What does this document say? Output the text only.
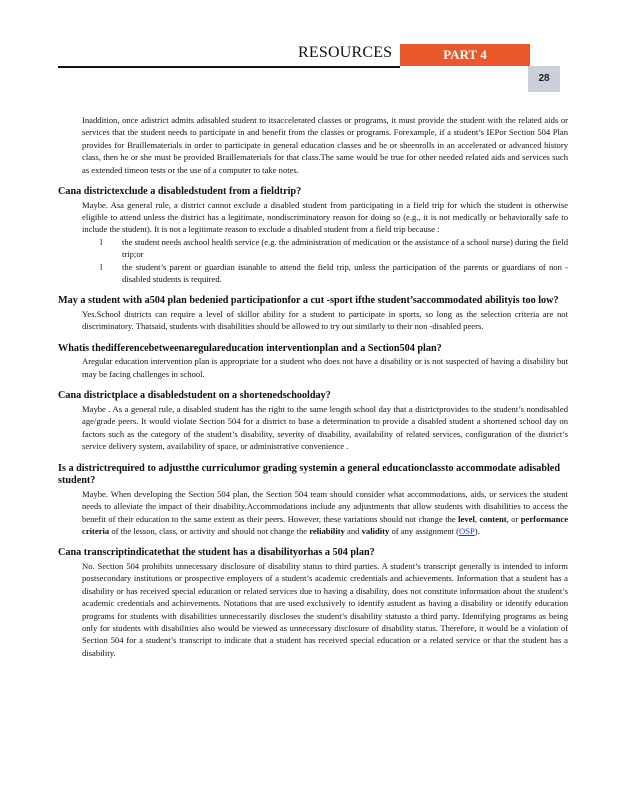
RESOURCES	PART 4
28

Inaddition, once adistrict admits adisabled student to itsaccelerated classes or programs, it must provide the student with the related aids or services that the student needs to participate in and benefit from the classes or programs. Forexample, if a student’s IEPor Section 504 Plan provides for Braillematerials in order to participate in general education classes and he or sheenrolls in an accelerated or advanced history class, then he or she must be provided Braillematerials for that class.The same would be true for other needed related aids and services such as extended timeon tests or the use of a computer to take notes.

Cana districtexclude a disabledstudent from a fieldtrip?

Maybe. Asa general rule, a district cannot exclude a disabled student from participating in a field trip for which the student is otherwise eligible to attend unless the district has a legitimate, nondiscriminatory reason for doing so (e.g., it is not medically or behaviorally safe to include the student). It is not a legitimate reason to exclude a disabled student from a field trip because :

l the student needs aschool health service (e.g. the administration of medication or the assistance of a school nurse) during the field trip;or
l the student’s parent or guardian isunable to attend the field trip, unless the participation of the parents or guardians of non -disabled students is required.
May a student with a504 plan bedenied participationfor a cut -sport ifthe student’saccommodated abilityis too low?

Yes.School districts can require a level of skillor ability for a student to participate in sports, so long as the selection criteria are not discriminatory. Thatsaid, students with disabilities should be allowed to try out similarly to their non -disabled peers.

Whatis thedifferencebetweenaregulareducation interventionplan and a Section504 plan?

Aregular education intervention plan is appropriate for a student who does not have a disability or is not suspected of having a disability but may be facing challenges in school.

Cana districtplace a disabledstudent on a shortenedschoolday?

Maybe . As a general rule, a disabled student has the right to the same length school day that a districtprovides to the student’s nondisabled age/grade peers. It would violate Section 504 for a district to base a determination to provide a disabled student a shortened school day on factors such as the category of the student’s disability, severity of disability, availability of related services, configuration of the district’s service delivery system, availability of space, or administrative convenience .

Is a districtrequired to adjustthe curriculumor grading systemin a general educationclassto accommodate adisabled student?

Maybe. When developing the Section 504 plan, the Section 504 team should consider what accommodations, aids, or services the student needs to alleviate the impact of their disability.Accommodations include any adjustments that allow students with disabilities to access the benefit of their education to the same extent as their peers. However, these variations should not change the level, content, or performance criteria of the lesson, class, or activity and should not change the reliability and validity of any assignment (OSP).

Cana transcriptindicatethat the student has a disabilityorhas a 504 plan?

No. Section 504 prohibits unnecessary disclosure of disability status to third parties. A student’s transcript generally is intended to inform postsecondary institutions or prospective employers of a student’s academic credentials and achievements. Information that a student has a disability or has received special education or related services due to having a disability, does not constitute information about the student’s academic credentials and achievements. Notations that are used exclusively to identify astudent as having a disability or identify education programs for students with disabilities unnecessarily discloses the student’s disability statusto a third party. Identifying programs as being only for students with disabilities also would be viewed as unnecessary disclosure of disability status. Therefore, it would be a violation of Section 504 for a student’s transcript to indicate that a student has received special education or a related service or that the student has a disability.
